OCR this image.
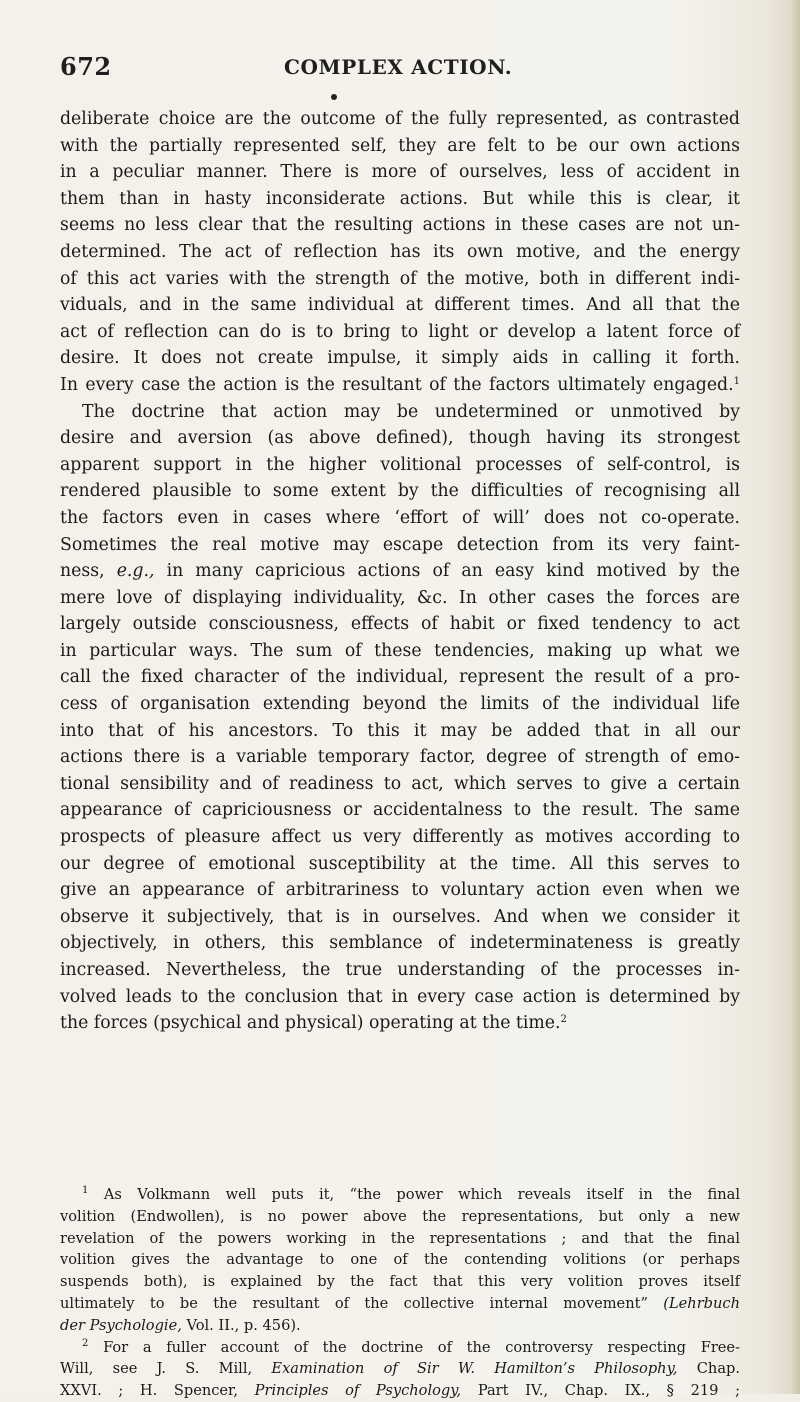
672	COMPLEX ACTION.
deliberate choice are the outcome of the fully represented, as contrasted
with the partially represented self, they are felt to be our own actions
in a peculiar manner. There is more of ourselves, less of accident in
them than in hasty inconsiderate actions. But while this is clear, it
seems no less clear that the resulting actions in these cases are not un-
determined. The act of reflection has its own motive, and the energy
of this act varies with the strength of the motive, both in different indi-
viduals, and in the same individual at different times. And all that the
act of reflection can do is to bring to light or develop a latent force of
desire. It does not create impulse, it simply aids in calling it forth.
In every case the action is the resultant of the factors ultimately engaged.$^1$
The doctrine that action may be undetermined or unmotived by
desire and aversion (as above defined), though having its strongest
apparent support in the higher volitional processes of self-control, is
rendered plausible to some extent by the difficulties of recognising all
the factors even in cases where ‘effort of will’ does not co-operate.
Sometimes the real motive may escape detection from its very faint-
ness, e.g., in many capricious actions of an easy kind motived by the
mere love of displaying individuality, &c. In other cases the forces are
largely outside consciousness, effects of habit or fixed tendency to act
in particular ways. The sum of these tendencies, making up what we
call the fixed character of the individual, represent the result of a pro-
cess of organisation extending beyond the limits of the individual life
into that of his ancestors. To this it may be added that in all our
actions there is a variable temporary factor, degree of strength of emo-
tional sensibility and of readiness to act, which serves to give a certain
appearance of capriciousness or accidentalness to the result. The same
prospects of pleasure affect us very differently as motives according to
our degree of emotional susceptibility at the time. All this serves to
give an appearance of arbitrariness to voluntary action even when we
observe it subjectively, that is in ourselves. And when we consider it
objectively, in others, this semblance of indeterminateness is greatly
increased. Nevertheless, the true understanding of the processes in-
volved leads to the conclusion that in every case action is determined by
the forces (psychical and physical) operating at the time.$^2$
$^1$ As Volkmann well puts it, “the power which reveals itself in the final
volition (Endwollen), is no power above the representations, but only a new
revelation of the powers working in the representations ; and that the final
volition gives the advantage to one of the contending volitions (or perhaps
suspends both), is explained by the fact that this very volition proves itself
ultimately to be the resultant of the collective internal movement” (Lehrbuch
der Psychologie, Vol. II., p. 456).
$^2$ For a fuller account of the doctrine of the controversy respecting Free-
Will, see J. S. Mill, Examination of Sir W. Hamilton’s Philosophy, Chap.
XXVI. ; H. Spencer, Principles of Psychology, Part IV., Chap. IX., § 219 ;
